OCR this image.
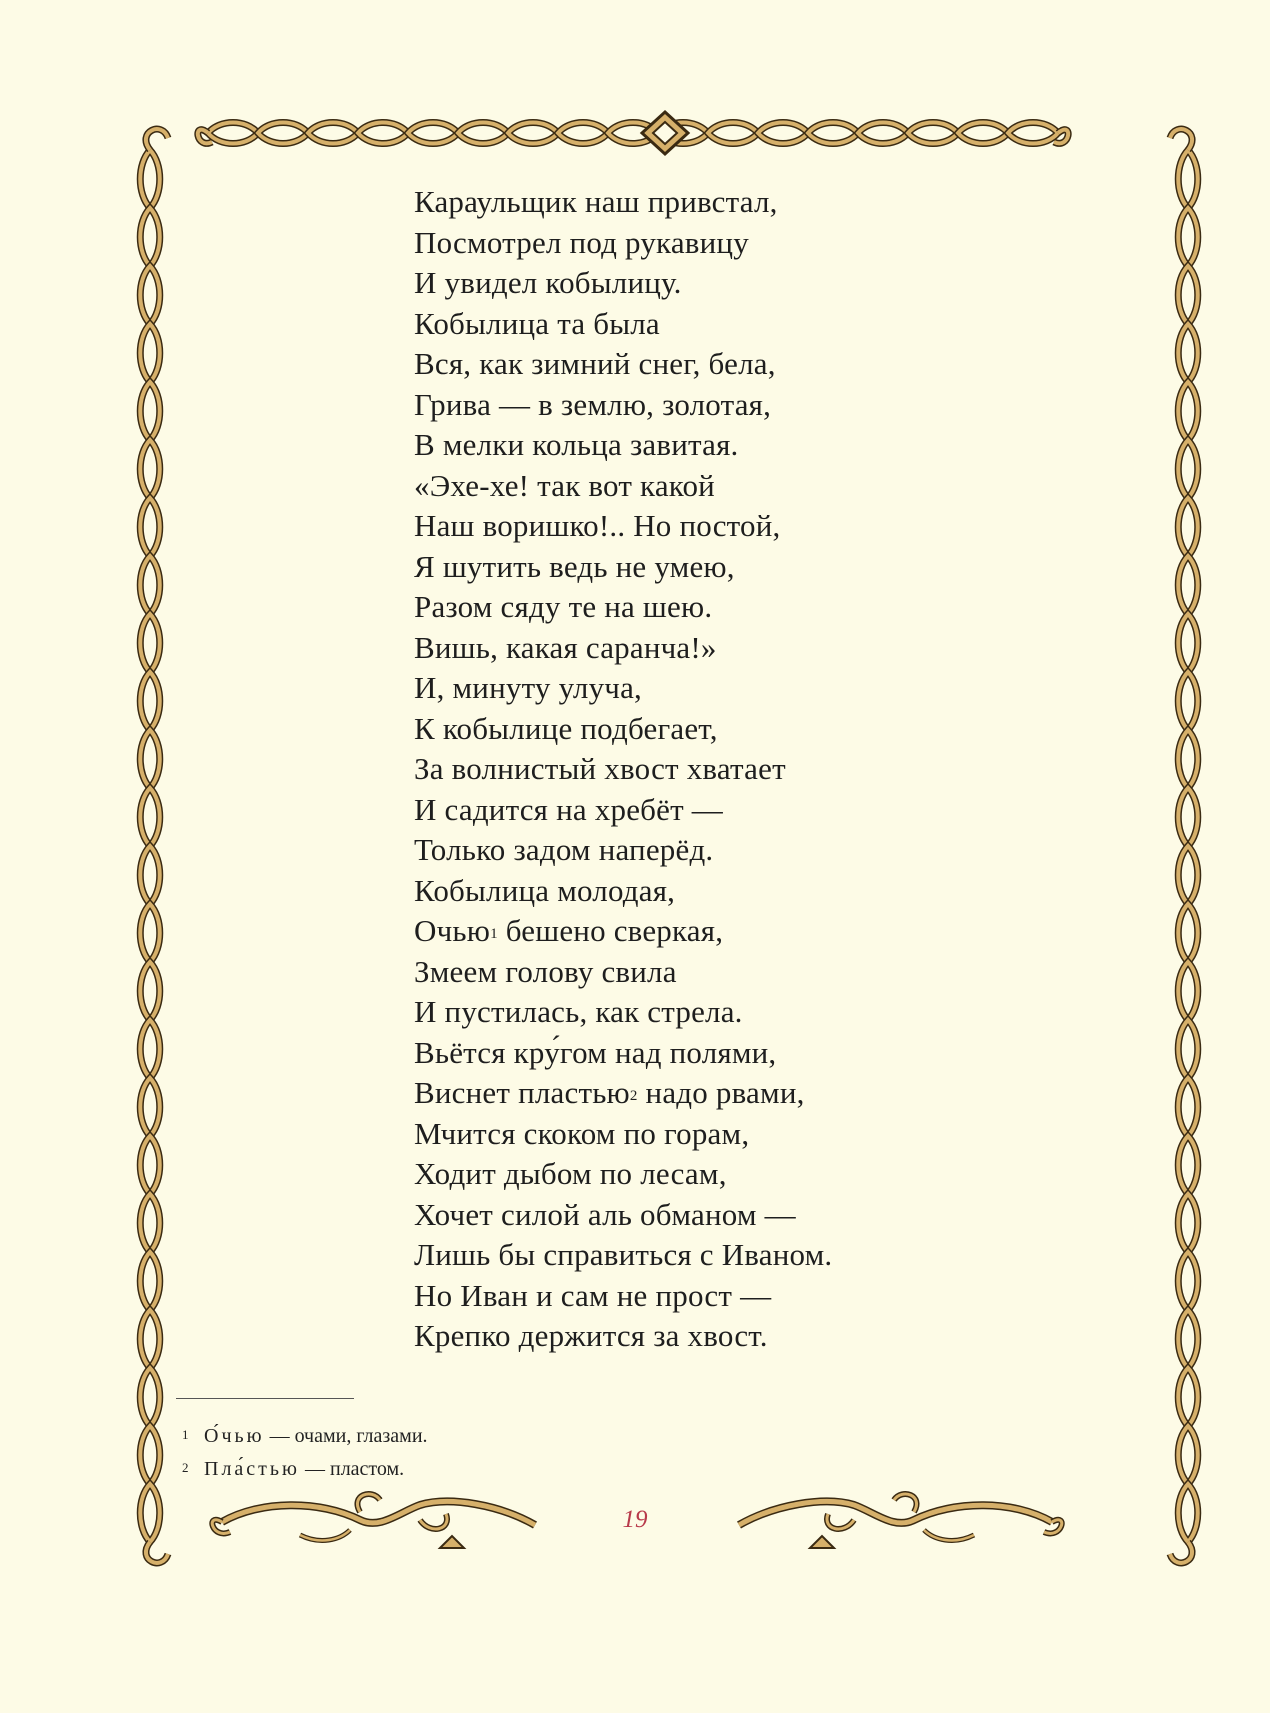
Караульщик наш привстал,
Посмотрел под рукавицу
И увидел кобылицу.
Кобылица та была
Вся, как зимний снег, бела,
Грива — в землю, золотая,
В мелки кольца завитая.
«Эхе-хе! так вот какой
Наш воришко!.. Но постой,
Я шутить ведь не умею,
Разом сяду те на шею.
Вишь, какая саранча!»
И, минуту улуча,
К кобылице подбегает,
За волнистый хвост хватает
И садится на хребёт —
Только задом наперёд.
Кобылица молодая,
Очью$^1$ бешено сверкая,
Змеем голову свила
И пустилась, как стрела.
Вьётся кру́гом над полями,
Виснет пластью$^2$ надо рвами,
Мчится скоком по горам,
Ходит дыбом по лесам,
Хочет силой аль обманом —
Лишь бы справиться с Иваном.
Но Иван и сам не прост —
Крепко держится за хвост.
1 О́чью — очами, глазами.
2 Пла́стью — пластом.
19
